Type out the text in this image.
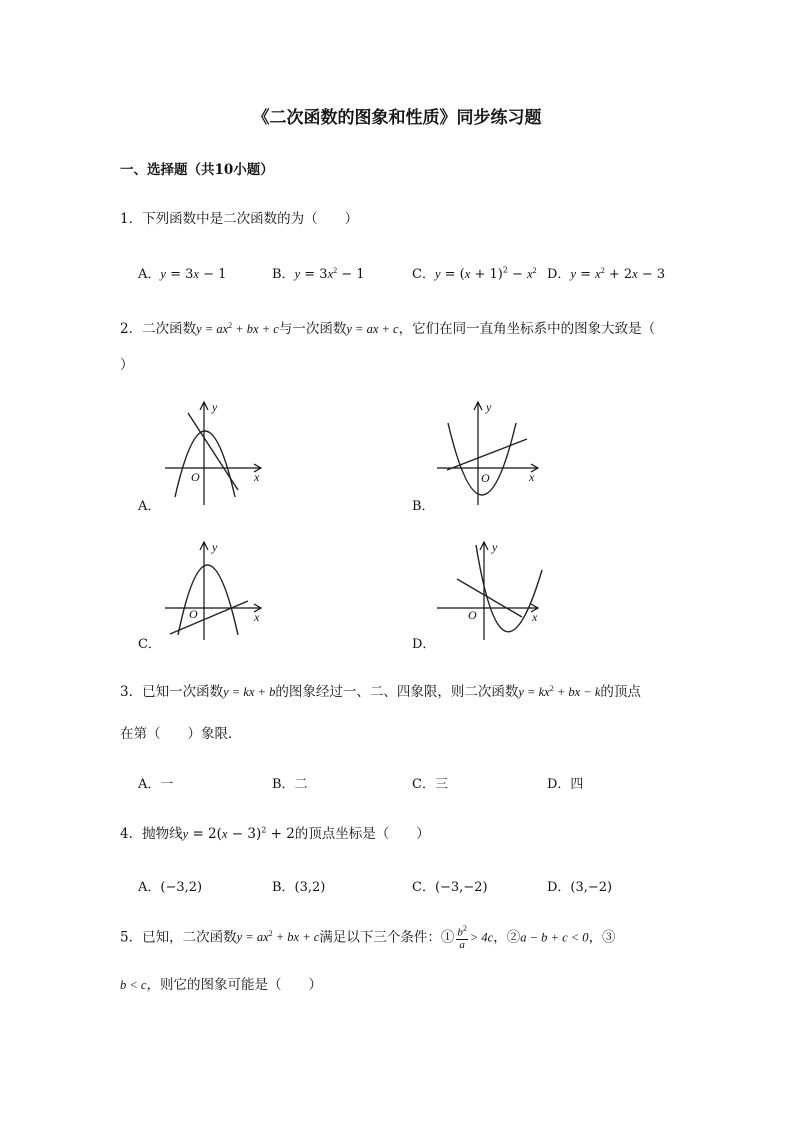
《二次函数的图象和性质》同步练习题
一、选择题（共10小题）
1．下列函数中是二次函数的为（　　）
A．y = 3x − 1	B．$y = 3x^2 - 1$	C．$y = (x + 1)^2 - x^2$ D．$y = x^2 + 2x - 3$
2．二次函数$y = ax^2$ + bx + c与一次函数y = ax + c，它们在同一直角坐标系中的图象大致是（
）
y
x
O
A．
y
x
O
B．
y
x
O
C．
y
x
O
D．
3．已知一次函数y = kx + b的图象经过一、二、四象限，则二次函数$y = kx^2$ + bx − k的顶点
在第（　　）象限．
A．一	B．二	C．三	D．四
4．抛物线$y = 2(x - 3)^2 + 2$的顶点坐标是（　　）
A．(−3,2)	B．(3,2)	C．(−3,−2)	D．(3,−2)
5．已知，二次函数$y = ax^2$ + bx + c满足以下三个条件：① $\frac{b^2}{a} > 4c$，②a − b + c < 0，③
b < c，则它的图象可能是（　　）
